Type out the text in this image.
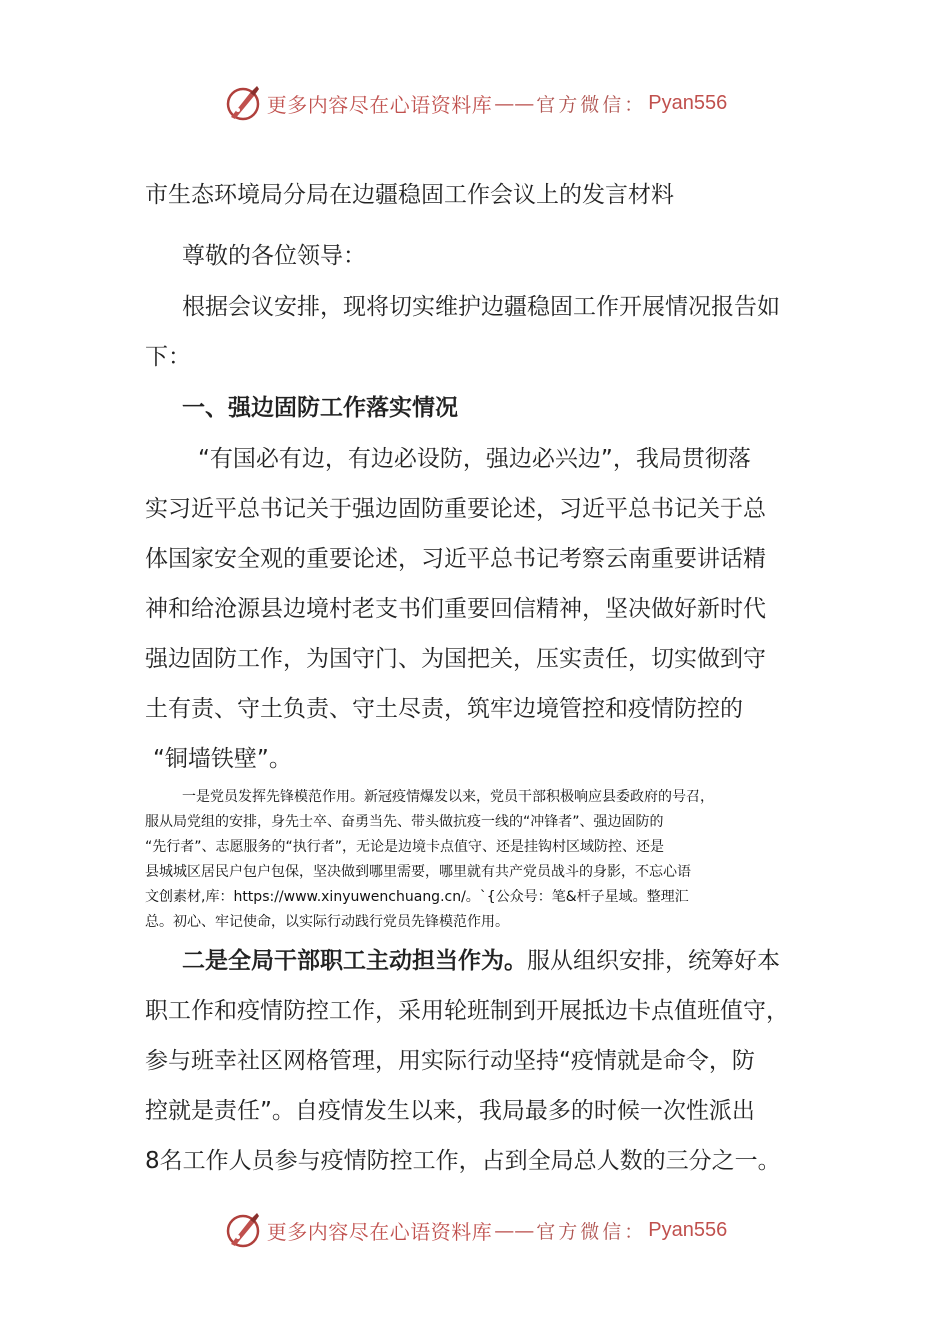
更多内容尽在心语资料库 —— 官方微信： Pyan556
市生态环境局分局在边疆稳固工作会议上的发言材料
尊敬的各位领导：
根据会议安排，现将切实维护边疆稳固工作开展情况报告如
下：
一、强边固防工作落实情况
“有国必有边，有边必设防，强边必兴边”，我局贯彻落
实习近平总书记关于强边固防重要论述，习近平总书记关于总
体国家安全观的重要论述，习近平总书记考察云南重要讲话精
神和给沧源县边境村老支书们重要回信精神，坚决做好新时代
强边固防工作，为国守门、为国把关，压实责任，切实做到守
土有责、守土负责、守土尽责，筑牢边境管控和疫情防控的
“铜墙铁壁”。
一是党员发挥先锋模范作用。新冠疫情爆发以来，党员干部积极响应县委政府的号召，
服从局党组的安排，身先士卒、奋勇当先、带头做抗疫一线的“冲锋者”、强边固防的
“先行者”、志愿服务的“执行者”，无论是边境卡点值守、还是挂钩村区域防控、还是
县城城区居民户包户包保，坚决做到哪里需要，哪里就有共产党员战斗的身影，不忘心语
文创素材,库：https://www.xinyuwenchuang.cn/。`{公众号：笔&杆子星域。整理汇
总。初心、牢记使命，以实际行动践行党员先锋模范作用。
二是全局干部职工主动担当作为。服从组织安排，统筹好本
职工作和疫情防控工作，采用轮班制到开展抵边卡点值班值守，
参与班幸社区网格管理，用实际行动坚持“疫情就是命令，防
控就是责任”。自疫情发生以来，我局最多的时候一次性派出
8名工作人员参与疫情防控工作，占到全局总人数的三分之一。
更多内容尽在心语资料库 —— 官方微信： Pyan556
